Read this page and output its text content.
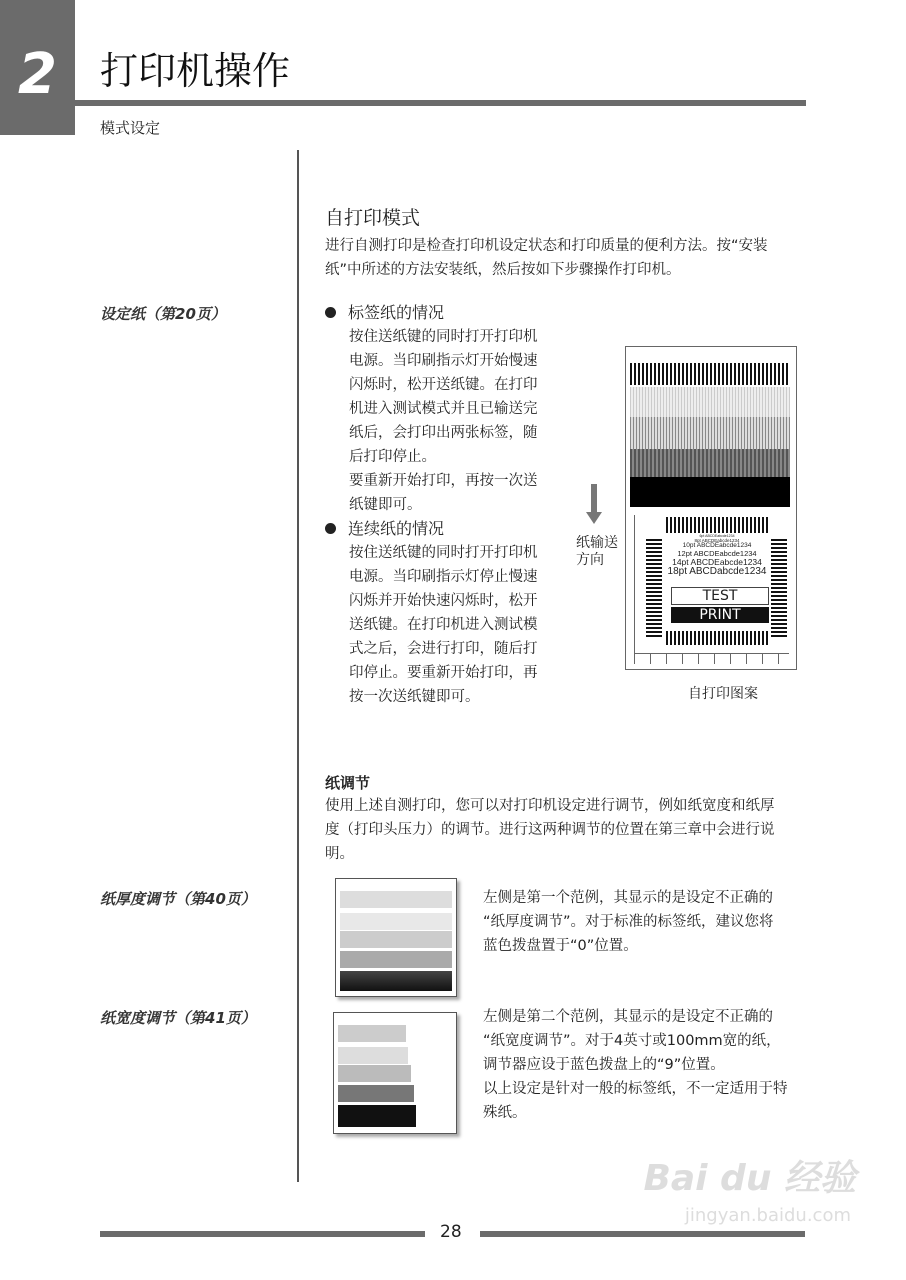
2	打印机操作
模式设定
设定纸（第20页）
纸厚度调节（第40页）
纸宽度调节（第41页）
自打印模式
进行自测打印是检查打印机设定状态和打印质量的便利方法。按“安装
纸”中所述的方法安装纸，然后按如下步骤操作打印机。
标签纸的情况
按住送纸键的同时打开打印机
电源。当印刷指示灯开始慢速
闪烁时，松开送纸键。在打印
机进入测试模式并且已输送完
纸后，会打印出两张标签，随
后打印停止。
要重新开始打印，再按一次送
纸键即可。
连续纸的情况
按住送纸键的同时打开打印机
电源。当印刷指示灯停止慢速
闪烁并开始快速闪烁时，松开
送纸键。在打印机进入测试模
式之后，会进行打印，随后打
印停止。要重新开始打印，再
按一次送纸键即可。
纸输送
方向
6pt ABCDEabcde1234
8pt ABCDEabcde1234
10pt ABCDEabcde1234
12pt ABCDEabcde1234
14pt ABCDEabcde1234
18pt ABCDabcde1234
TEST
PRINT
自打印图案
纸调节
使用上述自测打印，您可以对打印机设定进行调节，例如纸宽度和纸厚
度（打印头压力）的调节。进行这两种调节的位置在第三章中会进行说
明。
左侧是第一个范例，其显示的是设定不正确的
“纸厚度调节”。对于标准的标签纸，建议您将
蓝色拨盘置于“0”位置。
左侧是第二个范例，其显示的是设定不正确的
“纸宽度调节”。对于4英寸或100mm宽的纸，
调节器应设于蓝色拨盘上的“9”位置。
以上设定是针对一般的标签纸，不一定适用于特
殊纸。
Bai du 经验
jingyan.baidu.com
28
